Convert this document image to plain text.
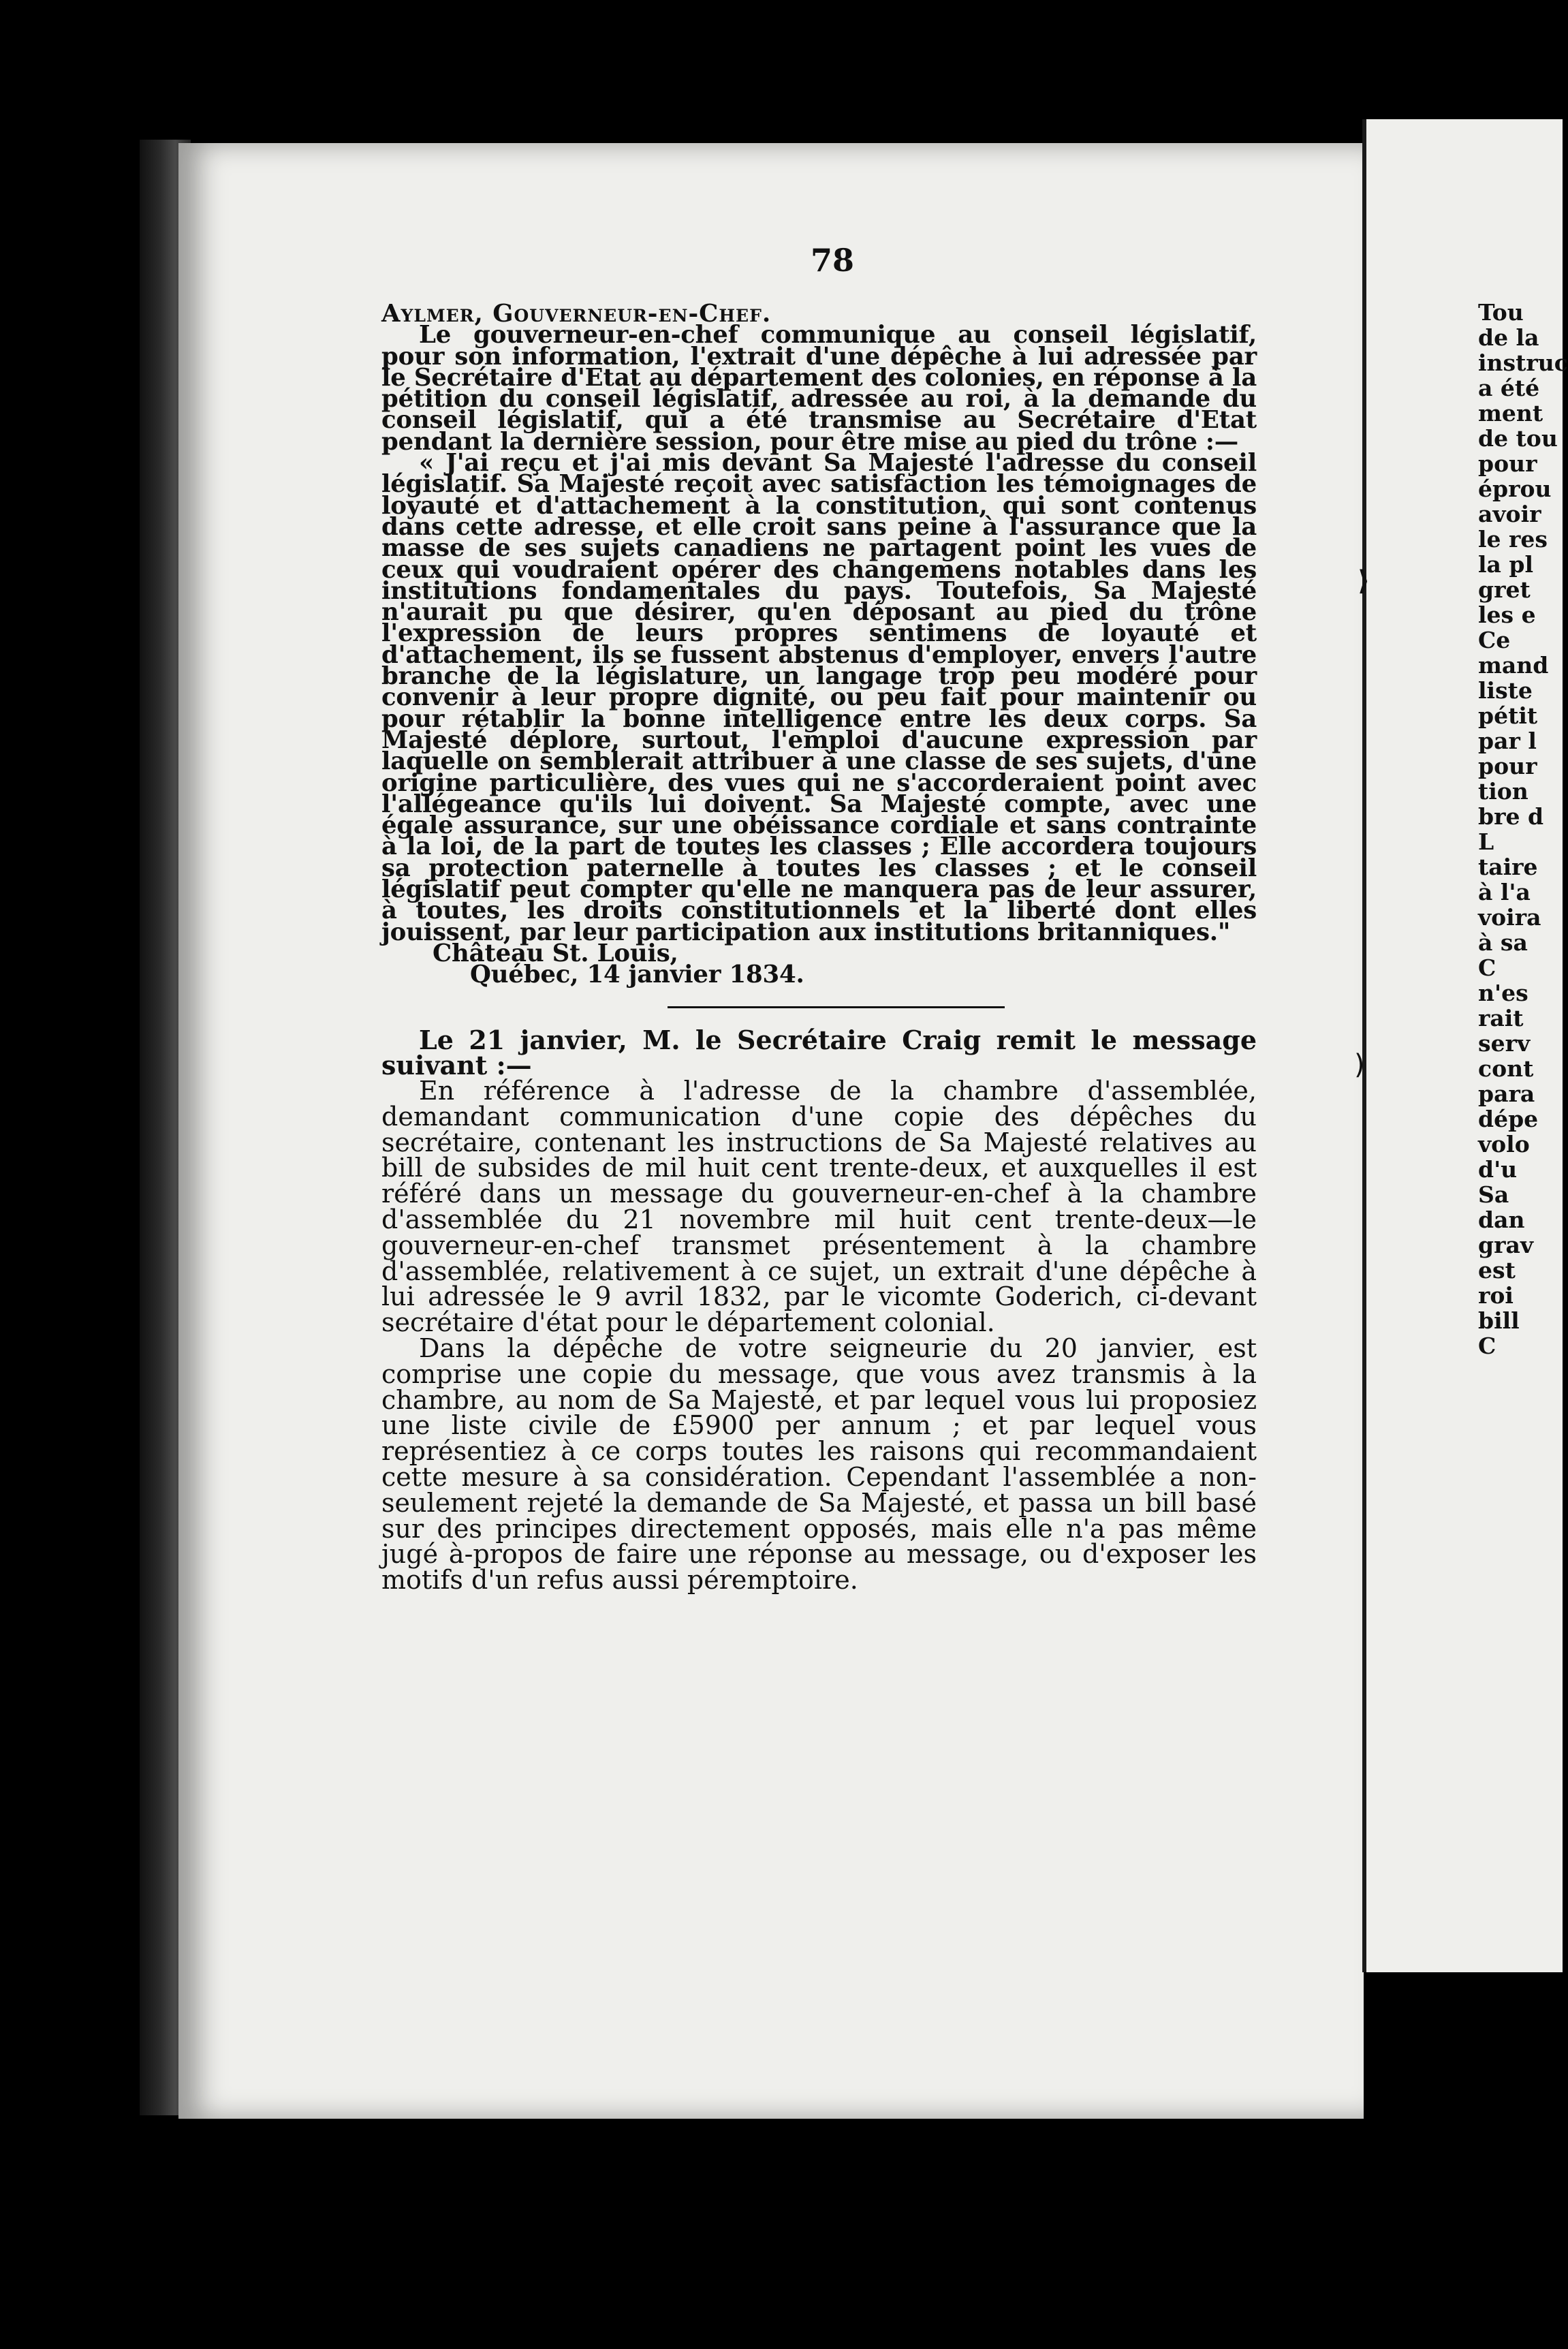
78

Aylmer, Gouverneur-en-Chef.

Le gouverneur-en-chef communique au conseil législatif, pour son information, l'extrait d'une dépêche à lui adressée par le Secrétaire d'Etat au département des colonies, en réponse à la pétition du conseil législatif, adressée au roi, à la demande du conseil législatif, qui a été transmise au Secrétaire d'Etat pendant la dernière session, pour être mise au pied du trône :—

« J'ai reçu et j'ai mis devant Sa Majesté l'adresse du conseil législatif. Sa Majesté reçoit avec satisfaction les témoignages de loyauté et d'attachement à la constitution, qui sont contenus dans cette adresse, et elle croit sans peine à l'assurance que la masse de ses sujets canadiens ne partagent point les vues de ceux qui voudraient opérer des changemens notables dans les institutions fondamentales du pays. Toutefois, Sa Majesté n'aurait pu que désirer, qu'en déposant au pied du trône l'expression de leurs propres sentimens de loyauté et d'attachement, ils se fussent abstenus d'employer, envers l'autre branche de la législature, un langage trop peu modéré pour convenir à leur propre dignité, ou peu fait pour maintenir ou pour rétablir la bonne intelligence entre les deux corps. Sa Majesté déplore, surtout, l'emploi d'aucune expression par laquelle on semblerait attribuer à une classe de ses sujets, d'une origine particulière, des vues qui ne s'accorderaient point avec l'allégeance qu'ils lui doivent. Sa Majesté compte, avec une égale assurance, sur une obéissance cordiale et sans contrainte à la loi, de la part de toutes les classes ; Elle accordera toujours sa protection paternelle à toutes les classes ; et le conseil législatif peut compter qu'elle ne manquera pas de leur assurer, à toutes, les droits constitutionnels et la liberté dont elles jouissent, par leur participation aux institutions britanniques."

Château St. Louis,

Québec, 14 janvier 1834.

Le 21 janvier, M. le Secrétaire Craig remit le message suivant :—

En référence à l'adresse de la chambre d'assemblée, demandant communication d'une copie des dépêches du secrétaire, contenant les instructions de Sa Majesté relatives au bill de subsides de mil huit cent trente-deux, et auxquelles il est référé dans un message du gouverneur-en-chef à la chambre d'assemblée du 21 novembre mil huit cent trente-deux—le gouverneur-en-chef transmet présentement à la chambre d'assemblée, relativement à ce sujet, un extrait d'une dépêche à lui adressée le 9 avril 1832, par le vicomte Goderich, ci-devant secrétaire d'état pour le département colonial.

Dans la dépêche de votre seigneurie du 20 janvier, est comprise une copie du message, que vous avez transmis à la chambre, au nom de Sa Majesté, et par lequel vous lui proposiez une liste civile de £5900 per annum ; et par lequel vous représentiez à ce corps toutes les raisons qui recommandaient cette mesure à sa considération. Cependant l'assemblée a non-seulement rejeté la demande de Sa Majesté, et passa un bill basé sur des principes directement opposés, mais elle n'a pas même jugé à-propos de faire une réponse au message, ou d'exposer les motifs d'un refus aussi péremptoire.

⟩
)
Tou
de la
instruc
a été
ment
de tou
pour
éprou
avoir
le res
la pl
gret
les e
Ce
mand
liste
pétit
par l
pour
tion
bre d
L
taire
à l'a
voira
à sa
C
n'es
rait
serv
cont
para
dépe
volo
d'u
Sa
dan
grav
est
roi
bill
C
